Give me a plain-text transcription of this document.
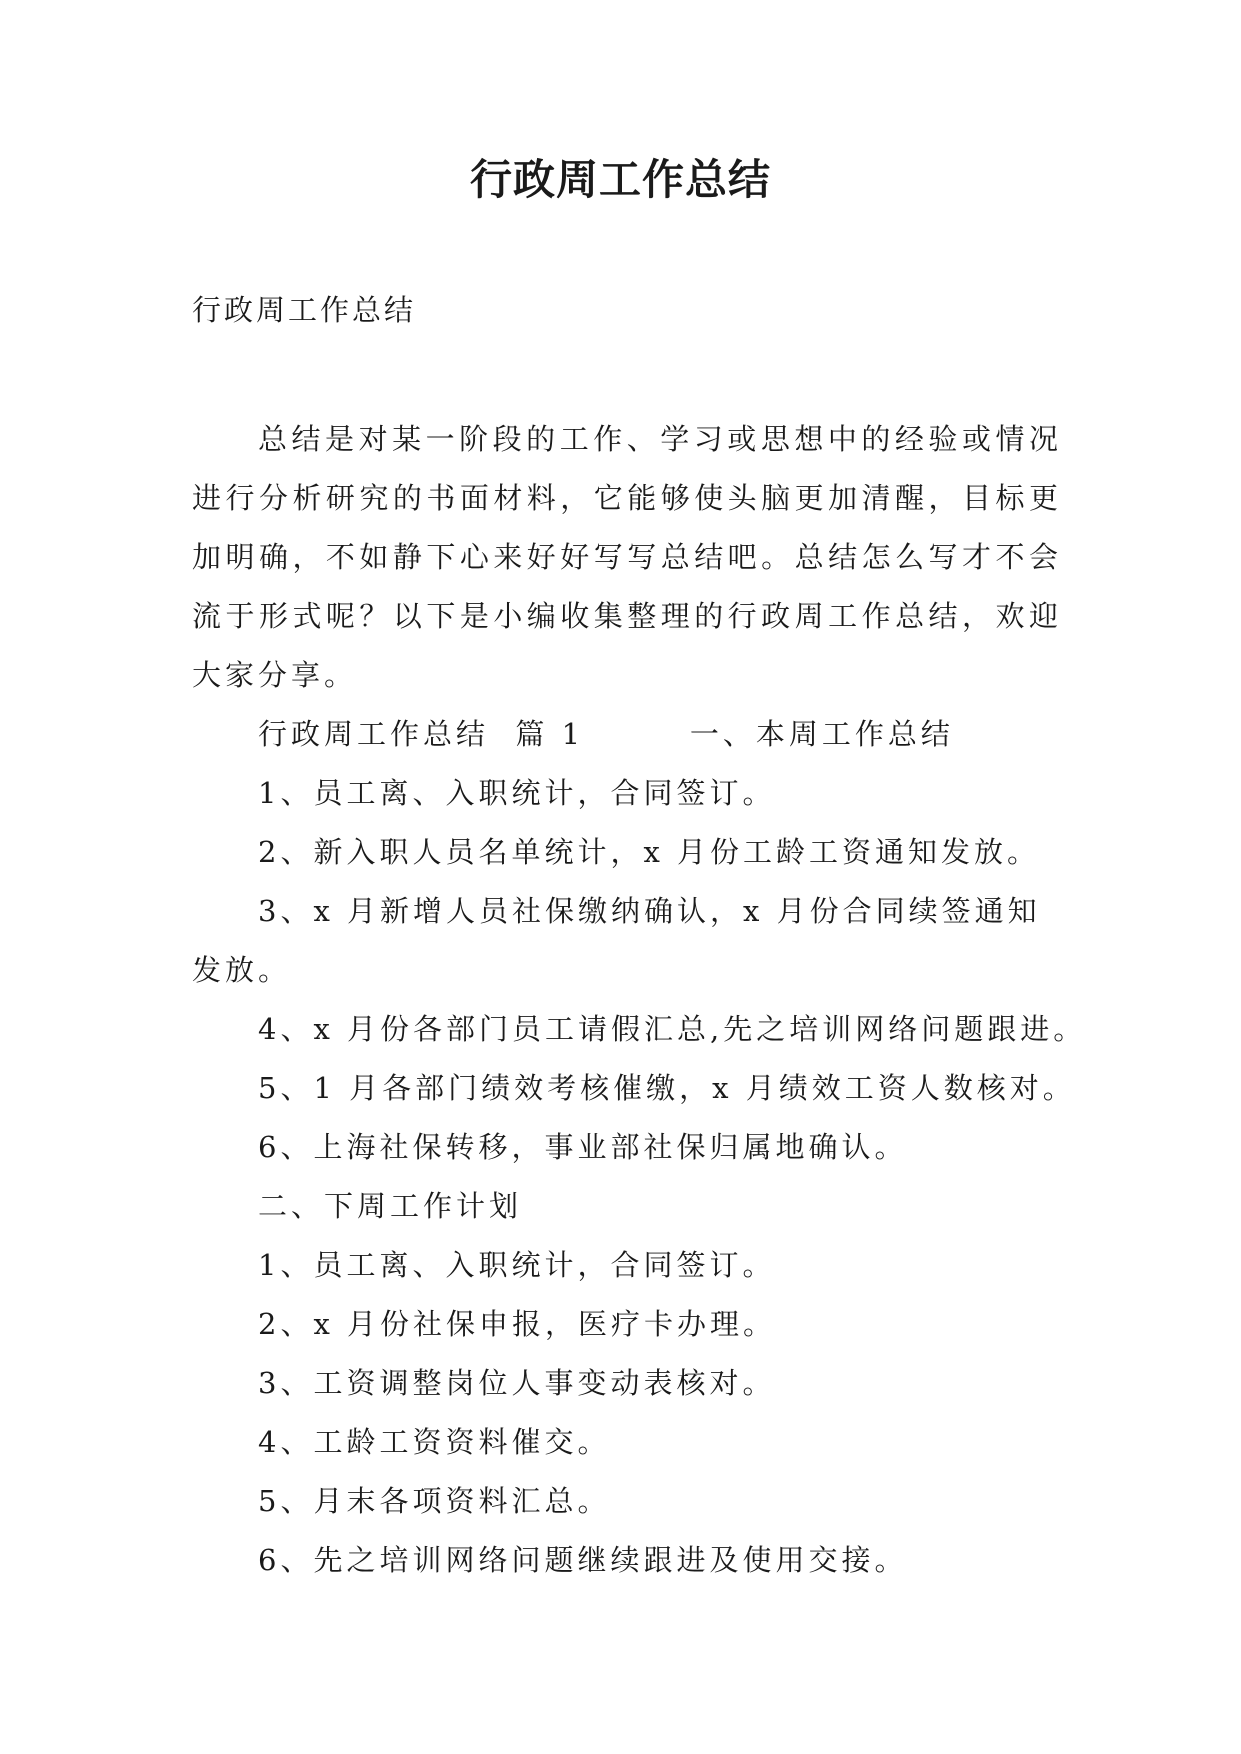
行政周工作总结
行政周工作总结

总结是对某一阶段的工作、学习或思想中的经验或情况进行分析研究的书面材料，它能够使头脑更加清醒，目标更加明确，不如静下心来好好写写总结吧。总结怎么写才不会流于形式呢？以下是小编收集整理的行政周工作总结，欢迎大家分享。

行政周工作总结  篇 1        一、本周工作总结

1、员工离、入职统计，合同签订。

2、新入职人员名单统计，x 月份工龄工资通知发放。

3、x 月新增人员社保缴纳确认，x 月份合同续签通知发放。

4、x 月份各部门员工请假汇总,先之培训网络问题跟进。

5、1 月各部门绩效考核催缴，x 月绩效工资人数核对。

6、上海社保转移，事业部社保归属地确认。

二、下周工作计划

1、员工离、入职统计，合同签订。

2、x 月份社保申报，医疗卡办理。

3、工资调整岗位人事变动表核对。

4、工龄工资资料催交。

5、月末各项资料汇总。

6、先之培训网络问题继续跟进及使用交接。
